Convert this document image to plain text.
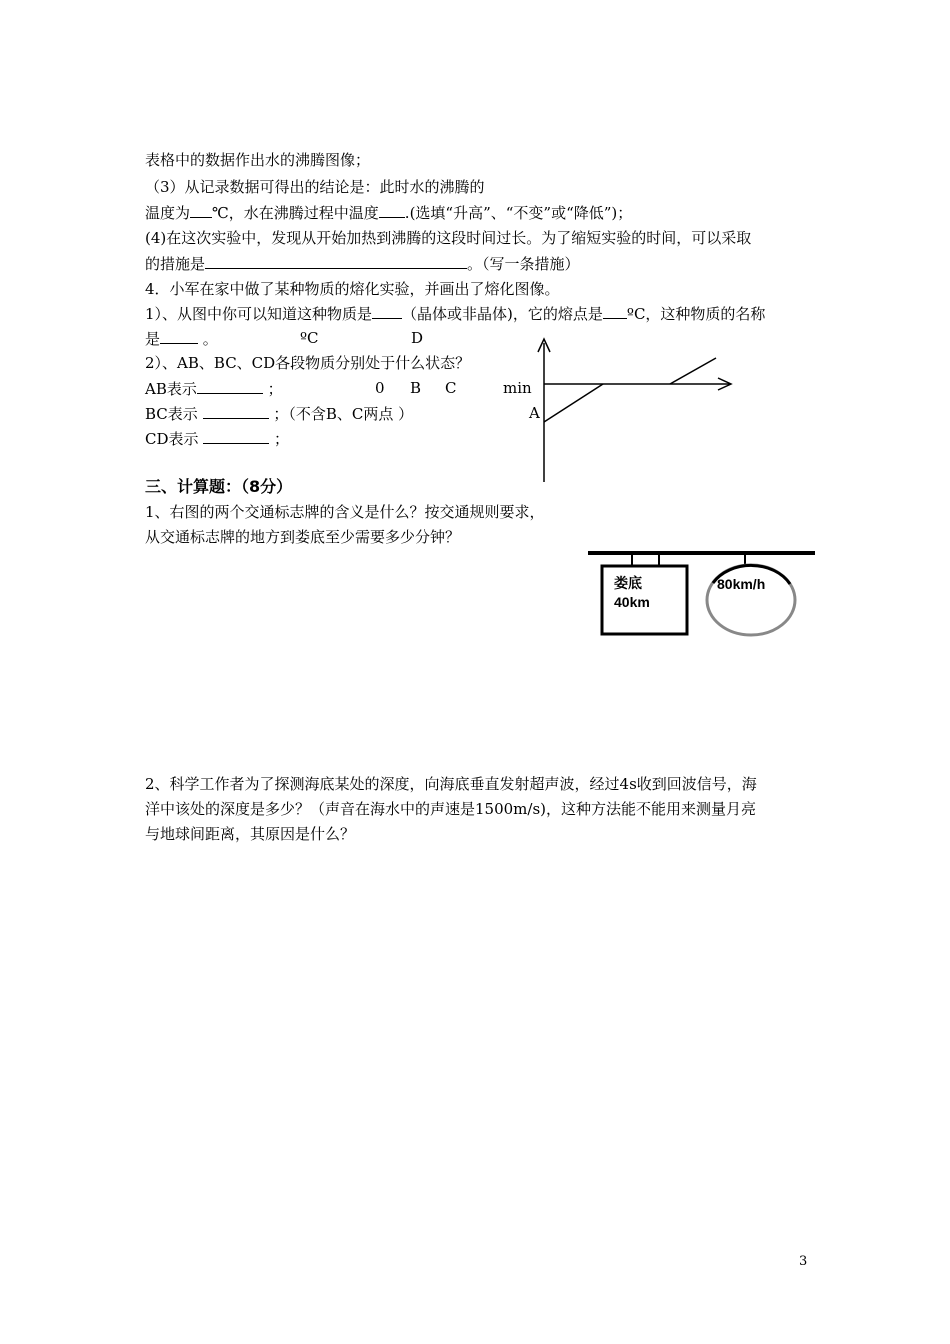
表格中的数据作出水的沸腾图像；
（3）从记录数据可得出的结论是：此时水的沸腾的
温度为 ℃，水在沸腾过程中温度 .(选填“升高”、“不变”或“降低”)；
(4)在这次实验中，发现从开始加热到沸腾的这段时间过长。为了缩短实验的时间，可以采取
的措施是	。（写一条措施）
4．小军在家中做了某种物质的熔化实验，并画出了熔化图像。
1）、从图中你可以知道这种物质是 （晶体或非晶体)，它的熔点是 ºC，这种物质的名称
是	。
2）、AB、BC、CD各段物质分别处于什么状态？
AB表示	；
BC表示	；（不含B、C两点 ）
CD表示	；
ºC	D
0 B C	min
A
娄底
40km
80km/h
三、计算题：（8分）
1、右图的两个交通标志牌的含义是什么？按交通规则要求，
从交通标志牌的地方到娄底至少需要多少分钟？
2、科学工作者为了探测海底某处的深度，向海底垂直发射超声波，经过4s收到回波信号，海
洋中该处的深度是多少？（声音在海水中的声速是1500m/s)，这种方法能不能用来测量月亮
与地球间距离，其原因是什么？
3
